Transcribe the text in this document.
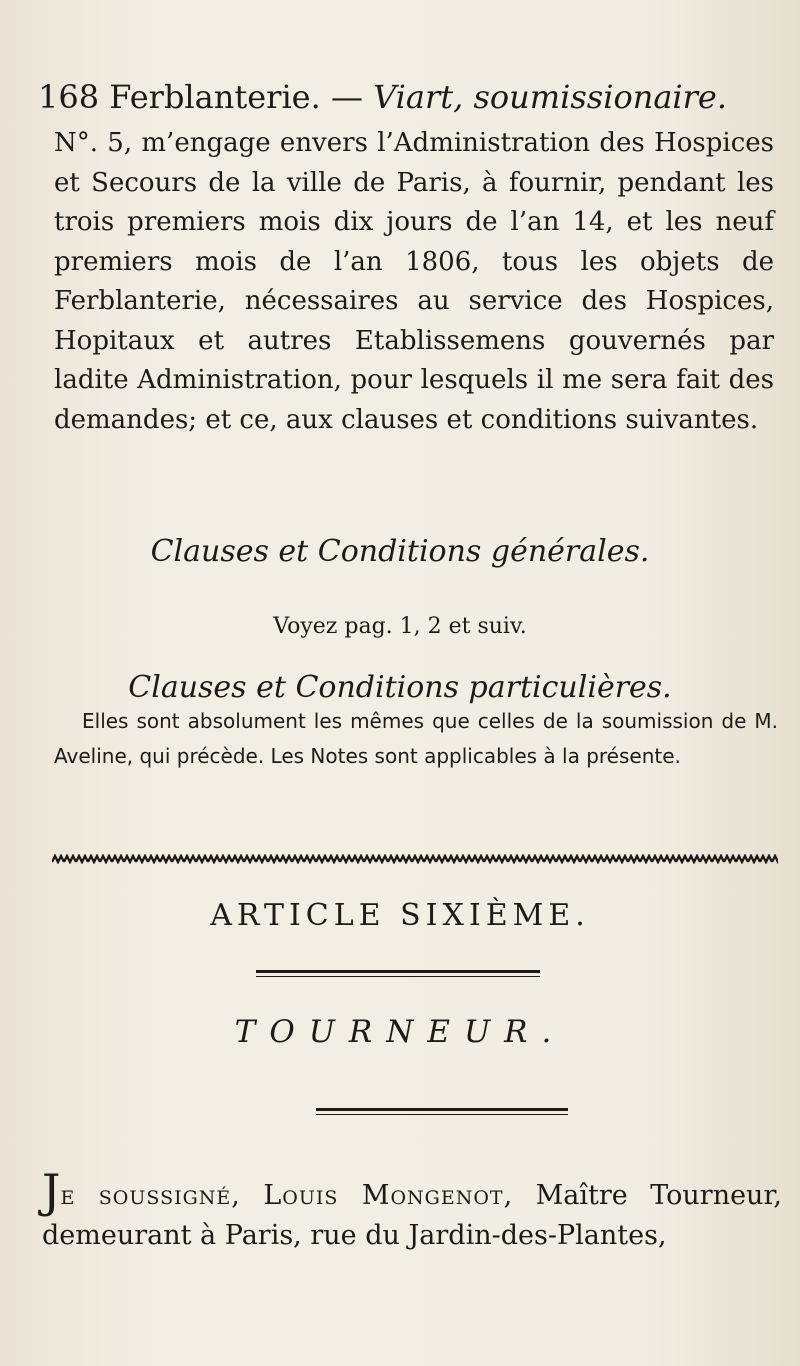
168 Ferblanterie. — Viart, soumissionaire.
N°. 5, m’engage envers l’Administration des Hospices et Secours de la ville de Paris, à fournir, pendant les trois premiers mois dix jours de l’an 14, et les neuf premiers mois de l’an 1806, tous les objets de Ferblanterie, nécessaires au service des Hospices, Hopitaux et autres Etablissemens gouvernés par ladite Administration, pour lesquels il me sera fait des demandes; et ce, aux clauses et conditions suivantes.
Clauses et Conditions générales.
Voyez pag. 1, 2 et suiv.
Clauses et Conditions particulières.

Elles sont absolument les mêmes que celles de la soumission de M. Aveline, qui précède. Les Notes sont applicables à la présente.

ARTICLE SIXIÈME.
TOURNEUR.
Je soussigné, Louis Mongenot, Maître Tourneur, demeurant à Paris, rue du Jardin-des-Plantes,
